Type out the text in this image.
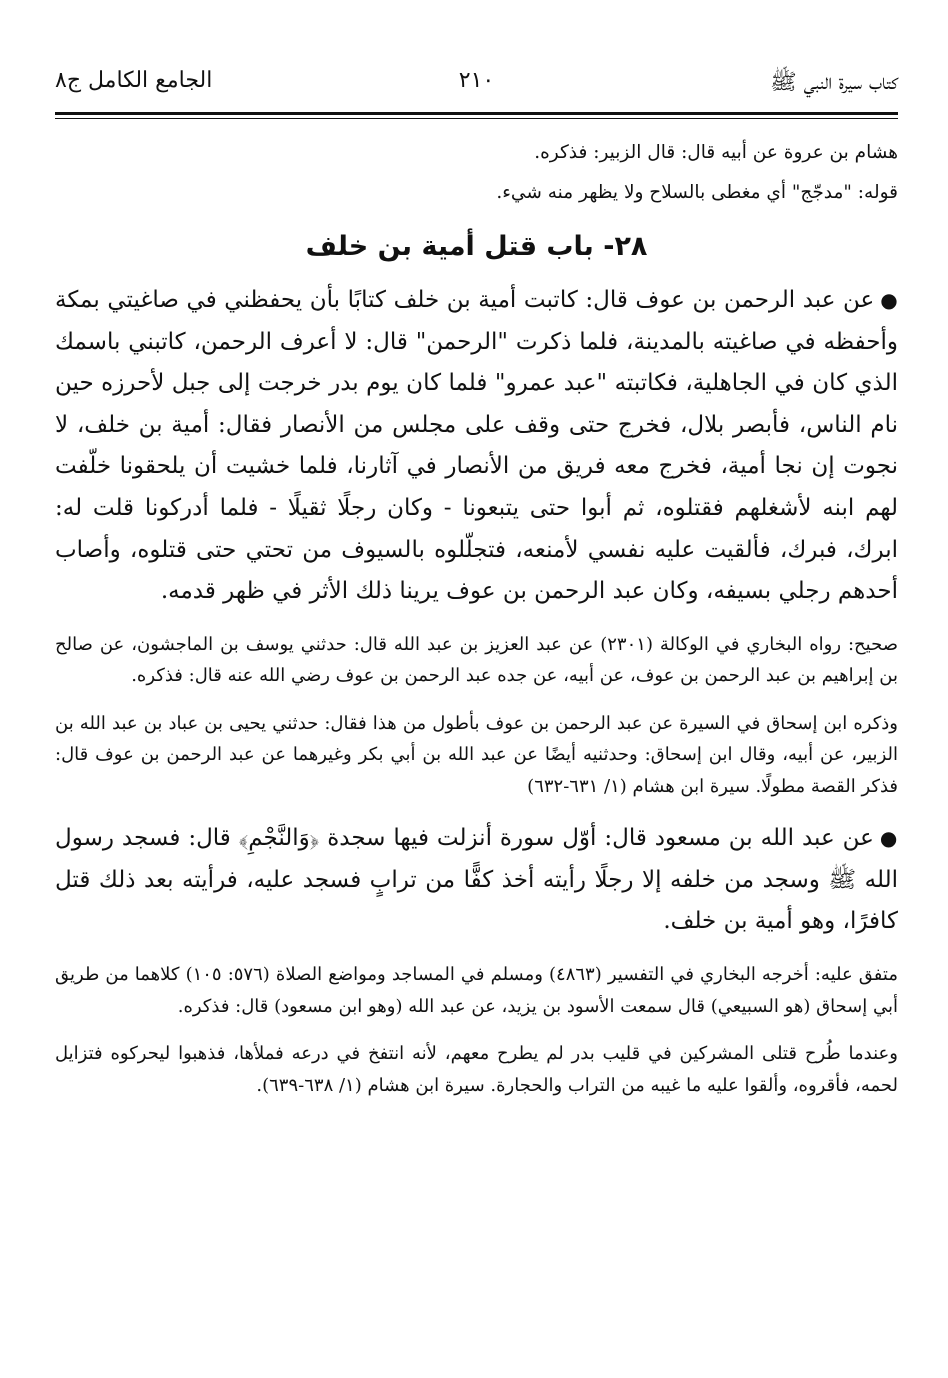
كتاب سيرة النبي ﷺ
٢١٠
الجامع الكامل ج٨

هشام بن عروة عن أبيه قال: قال الزبير: فذكره.

قوله: "مدجّج" أي مغطى بالسلاح ولا يظهر منه شيء.

٢٨- باب قتل أمية بن خلف

●عن عبد الرحمن بن عوف قال: كاتبت أمية بن خلف كتابًا بأن يحفظني في صاغيتي بمكة وأحفظه في صاغيته بالمدينة، فلما ذكرت "الرحمن" قال: لا أعرف الرحمن، كاتبني باسمك الذي كان في الجاهلية، فكاتبته "عبد عمرو" فلما كان يوم بدر خرجت إلى جبل لأحرزه حين نام الناس، فأبصر بلال، فخرج حتى وقف على مجلس من الأنصار فقال: أمية بن خلف، لا نجوت إن نجا أمية، فخرج معه فريق من الأنصار في آثارنا، فلما خشيت أن يلحقونا خلّفت لهم ابنه لأشغلهم فقتلوه، ثم أبوا حتى يتبعونا - وكان رجلًا ثقيلًا - فلما أدركونا قلت له: ابرك، فبرك، فألقيت عليه نفسي لأمنعه، فتجلّلوه بالسيوف من تحتي حتى قتلوه، وأصاب أحدهم رجلي بسيفه، وكان عبد الرحمن بن عوف يرينا ذلك الأثر في ظهر قدمه.

صحيح: رواه البخاري في الوكالة (٢٣٠١) عن عبد العزيز بن عبد الله قال: حدثني يوسف بن الماجشون، عن صالح بن إبراهيم بن عبد الرحمن بن عوف، عن أبيه، عن جده عبد الرحمن بن عوف رضي الله عنه قال: فذكره.

وذكره ابن إسحاق في السيرة عن عبد الرحمن بن عوف بأطول من هذا فقال: حدثني يحيى بن عباد بن عبد الله بن الزبير، عن أبيه، وقال ابن إسحاق: وحدثنيه أيضًا عن عبد الله بن أبي بكر وغيرهما عن عبد الرحمن بن عوف قال: فذكر القصة مطولًا. سيرة ابن هشام (١/ ٦٣١-٦٣٢)

●عن عبد الله بن مسعود قال: أوّل سورة أنزلت فيها سجدة ﴿وَالنَّجْمِ﴾ قال: فسجد رسول الله ﷺ وسجد من خلفه إلا رجلًا رأيته أخذ كفًّا من ترابٍ فسجد عليه، فرأيته بعد ذلك قتل كافرًا، وهو أمية بن خلف.

متفق عليه: أخرجه البخاري في التفسير (٤٨٦٣) ومسلم في المساجد ومواضع الصلاة (٥٧٦: ١٠٥) كلاهما من طريق أبي إسحاق (هو السبيعي) قال سمعت الأسود بن يزيد، عن عبد الله (وهو ابن مسعود) قال: فذكره.

وعندما طُرح قتلى المشركين في قليب بدر لم يطرح معهم، لأنه انتفخ في درعه فملأها، فذهبوا ليحركوه فتزايل لحمه، فأقروه، وألقوا عليه ما غيبه من التراب والحجارة. سيرة ابن هشام (١/ ٦٣٨-٦٣٩).
